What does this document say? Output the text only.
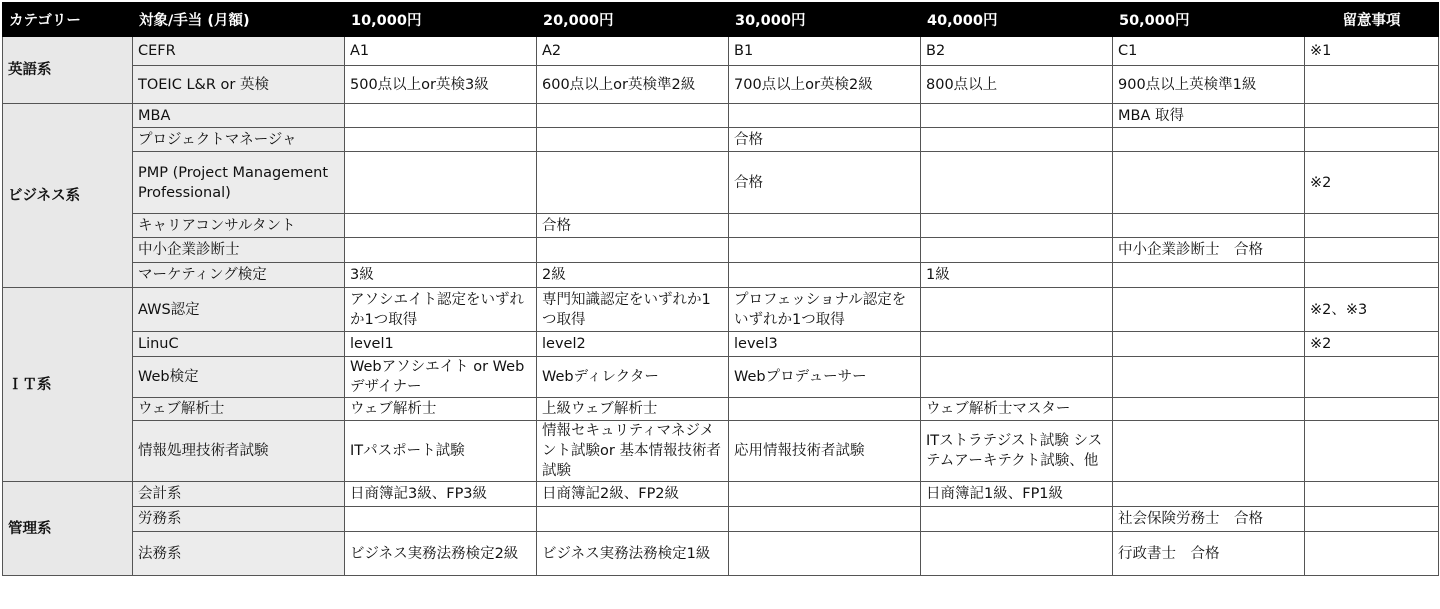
カテゴリー	対象/手当 (月額)	10,000円	20,000円	30,000円	40,000円	50,000円	留意事項
英語系	CEFR	A1	A2	B1	B2	C1	※1
	TOEIC L&R or 英検	500点以上or英検3級	600点以上or英検準2級	700点以上or英検2級	800点以上	900点以上英検準1級	
ビジネス系	MBA					MBA 取得	
	プロジェクトマネージャ			合格			
	PMP (Project Management Professional)			合格			※2
	キャリアコンサルタント		合格				
	中小企業診断士					中小企業診断士　合格	
	マーケティング検定	3級	2級		1級		
ＩＴ系	AWS認定	アソシエイト認定をいずれか1つ取得	専門知識認定をいずれか1つ取得	プロフェッショナル認定をいずれか1つ取得			※2、※3
	LinuC	level1	level2	level3			※2
	Web検定	Webアソシエイト or Webデザイナー	Webディレクター	Webプロデューサー			
	ウェブ解析士	ウェブ解析士	上級ウェブ解析士		ウェブ解析士マスター		
	情報処理技術者試験	ITパスポート試験	情報セキュリティマネジメント試験or 基本情報技術者試験	応用情報技術者試験	ITストラテジスト試験 システムアーキテクト試験、他		
管理系	会計系	日商簿記3級、FP3級	日商簿記2級、FP2級		日商簿記1級、FP1級		
	労務系					社会保険労務士　合格	
	法務系	ビジネス実務法務検定2級	ビジネス実務法務検定1級			行政書士　合格	
